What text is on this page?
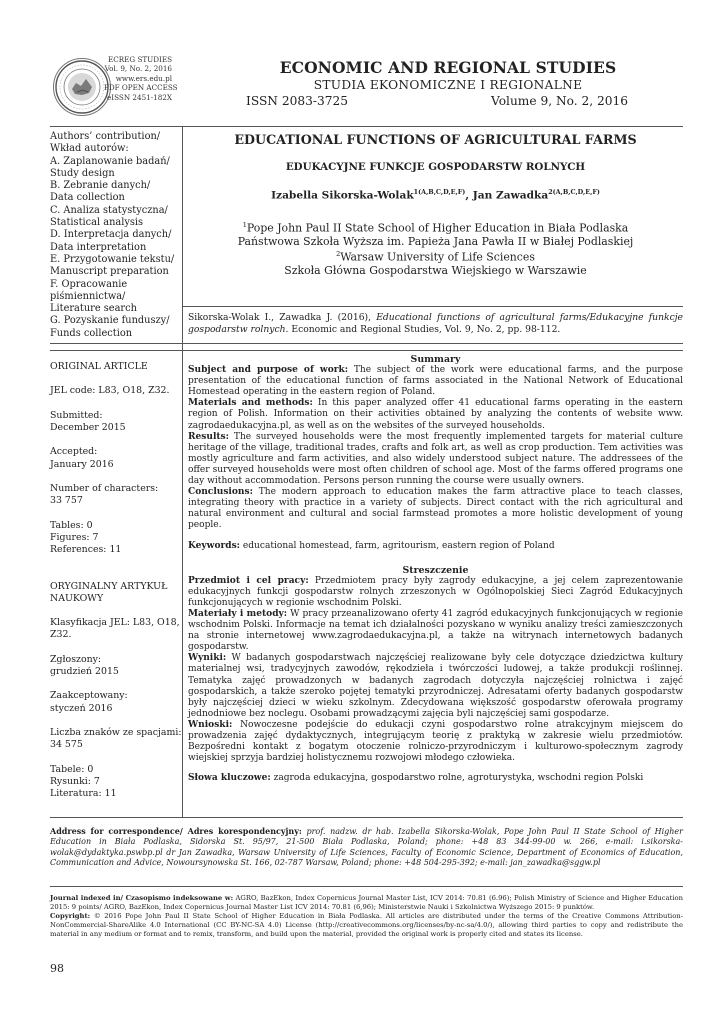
ECREG STUDIES
Vol. 9, No. 2, 2016
www.ers.edu.pl
PDF OPEN ACCESS
eISSN 2451-182X
ECONOMIC AND REGIONAL STUDIES
STUDIA EKONOMICZNE I REGIONALNE
ISSN 2083-3725	Volume 9, No. 2, 2016
Authors’ contribution/
Wkład autorów:
A. Zaplanowanie badań/
Study design
B. Zebranie danych/
Data collection
C. Analiza statystyczna/
Statistical analysis
D. Interpretacja danych/
Data interpretation
E. Przygotowanie tekstu/
Manuscript preparation
F. Opracowanie
piśmiennictwa/
Literature search
G. Pozyskanie funduszy/
Funds collection
EDUCATIONAL FUNCTIONS OF AGRICULTURAL FARMS
EDUKACYJNE FUNKCJE GOSPODARSTW ROLNYCH
Izabella Sikorska-Wolak$^{1(A,B,C,D,E,F)}$, Jan Zawadka$^{2(A,B,C,D,E,F)}$
$^1$Pope John Paul II State School of Higher Education in Biała Podlaska
Państwowa Szkoła Wyższa im. Papieża Jana Pawła II w Białej Podlaskiej
$^2$Warsaw University of Life Sciences
Szkoła Główna Gospodarstwa Wiejskiego w Warszawie
Sikorska-Wolak I., Zawadka J. (2016), Educational functions of agricultural farms/Edukacyjne funkcje gospodarstw rolnych. Economic and Regional Studies, Vol. 9, No. 2, pp. 98-112.
ORIGINAL ARTICLE
JEL code: L83, O18, Z32.
Submitted:
December 2015
Accepted:
January 2016
Number of characters:
33 757
Tables: 0
Figures: 7
References: 11
ORYGINALNY ARTYKUŁ
NAUKOWY
Klasyfikacja JEL: L83, O18,
Z32.
Zgłoszony:
grudzień 2015
Zaakceptowany:
styczeń 2016
Liczba znaków ze spacjami:
34 575
Tabele: 0
Rysunki: 7
Literatura: 11
Summary
Subject and purpose of work: The subject of the work were educational farms, and the purpose presentation of the educational function of farms associated in the National Network of Educational Homestead operating in the eastern region of Poland.
Materials and methods: In this paper analyzed offer 41 educational farms operating in the eastern region of Polish. Information on their activities obtained by analyzing the contents of website www. zagrodaedukacyjna.pl, as well as on the websites of the surveyed households.
Results: The surveyed households were the most frequently implemented targets for material culture heritage of the village, traditional trades, crafts and folk art, as well as crop production. Tem activities was mostly agriculture and farm activities, and also widely understood subject nature. The addressees of the offer surveyed households were most often children of school age. Most of the farms offered programs one day without accommodation. Persons person running the course were usually owners.
Conclusions: The modern approach to education makes the farm attractive place to teach classes, integrating theory with practice in a variety of subjects. Direct contact with the rich agricultural and natural environment and cultural and social farmstead promotes a more holistic development of young people.
Keywords: educational homestead, farm, agritourism, eastern region of Poland
Streszczenie
Przedmiot i cel pracy: Przedmiotem pracy były zagrody edukacyjne, a jej celem zaprezentowanie edukacyjnych funkcji gospodarstw rolnych zrzeszonych w Ogólnopolskiej Sieci Zagród Edukacyjnych funkcjonujących w regionie wschodnim Polski.
Materiały i metody: W pracy przeanalizowano oferty 41 zagród edukacyjnych funkcjonujących w regionie wschodnim Polski. Informacje na temat ich działalności pozyskano w wyniku analizy treści zamieszczonych na stronie internetowej www.zagrodaedukacyjna.pl, a także na witrynach internetowych badanych gospodarstw.
Wyniki: W badanych gospodarstwach najczęściej realizowane były cele dotyczące dziedzictwa kultury materialnej wsi, tradycyjnych zawodów, rękodzieła i twórczości ludowej, a także produkcji roślinnej. Tematyka zajęć prowadzonych w badanych zagrodach dotyczyła najczęściej rolnictwa i zajęć gospodarskich, a także szeroko pojętej tematyki przyrodniczej. Adresatami oferty badanych gospodarstw były najczęściej dzieci w wieku szkolnym. Zdecydowana większość gospodarstw oferowała programy jednodniowe bez noclegu. Osobami prowadzącymi zajęcia byli najczęściej sami gospodarze.
Wnioski: Nowoczesne podejście do edukacji czyni gospodarstwo rolne atrakcyjnym miejscem do prowadzenia zajęć dydaktycznych, integrującym teorię z praktyką w zakresie wielu przedmiotów. Bezpośredni kontakt z bogatym otoczenie rolniczo-przyrodniczym i kulturowo-społecznym zagrody wiejskiej sprzyja bardziej holistycznemu rozwojowi młodego człowieka.
Słowa kluczowe: zagroda edukacyjna, gospodarstwo rolne, agroturystyka, wschodni region Polski
Address for correspondence/ Adres korespondencyjny: prof. nadzw. dr hab. Izabella Sikorska-Wolak, Pope John Paul II State School of Higher Education in Biała Podlaska, Sidorska St. 95/97, 21-500 Biała Podlaska, Poland; phone: +48 83 344-99-00 w. 266, e-mail: i.sikorska-wolak@dydaktyka.pswbp.pl dr Jan Zawadka, Warsaw University of Life Sciences, Faculty of Economic Science, Department of Economics of Education, Communication and Advice, Nowoursynowska St. 166, 02-787 Warsaw, Poland; phone: +48 504-295-392; e-mail: jan_zawadka@sggw.pl
Journal indexed in/ Czasopismo indeksowane w: AGRO, BazEkon, Index Copernicus Journal Master List, ICV 2014: 70.81 (6.96); Polish Ministry of Science and Higher Education 2015: 9 points/ AGRO, BazEkon, Index Copernicus Journal Master List ICV 2014: 70.81 (6,96); Ministerstwie Nauki i Szkolnictwa Wyższego 2015: 9 punktów.
Copyright: © 2016 Pope John Paul II State School of Higher Education in Biała Podlaska. All articles are distributed under the terms of the Creative Commons Attribution-NonCommercial-ShareAlike 4.0 International (CC BY-NC-SA 4.0) License (http://creativecommons.org/licenses/by-nc-sa/4.0/), allowing third parties to copy and redistribute the material in any medium or format and to remix, transform, and build upon the material, provided the original work is properly cited and states its license.
98
